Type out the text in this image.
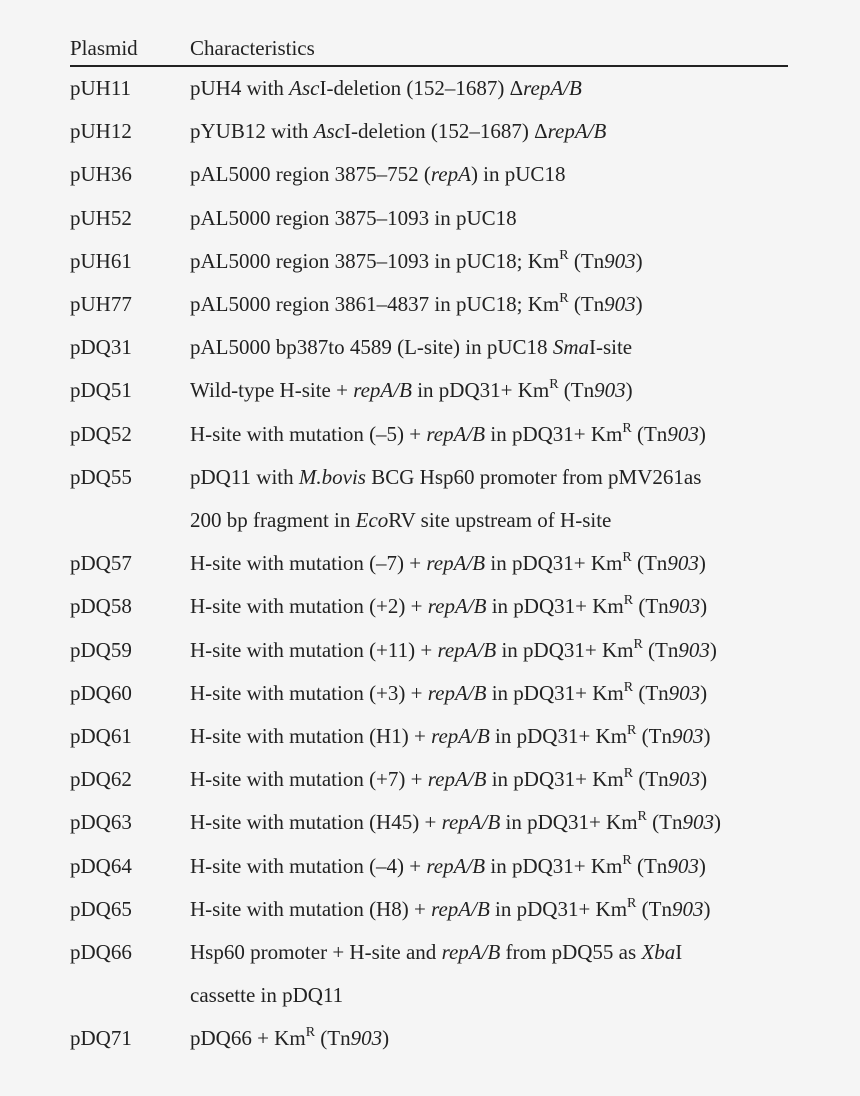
Plasmid	Characteristics
pUH11	pUH4 with AscI-deletion (152–1687) ΔrepA/B
pUH12	pYUB12 with AscI-deletion (152–1687) ΔrepA/B
pUH36	pAL5000 region 3875–752 (repA) in pUC18
pUH52	pAL5000 region 3875–1093 in pUC18
pUH61	pAL5000 region 3875–1093 in pUC18; $Km^R$ (Tn903)
pUH77	pAL5000 region 3861–4837 in pUC18; $Km^R$ (Tn903)
pDQ31	pAL5000 bp387to 4589 (L-site) in pUC18 SmaI-site
pDQ51	Wild-type H-site + repA/B in $pDQ31+ Km^R$ (Tn903)
pDQ52	H-site with mutation (–5) + repA/B in $pDQ31+ Km^R$ (Tn903)
pDQ55	pDQ11 with M.bovis BCG Hsp60 promoter from pMV261as
200 bp fragment in EcoRV site upstream of H-site
pDQ57	H-site with mutation (–7) + repA/B in $pDQ31+ Km^R$ (Tn903)
pDQ58	H-site with mutation (+2) + repA/B in $pDQ31+ Km^R$ (Tn903)
pDQ59	H-site with mutation (+11) + repA/B in $pDQ31+ Km^R$ (Tn903)
pDQ60	H-site with mutation (+3) + repA/B in $pDQ31+ Km^R$ (Tn903)
pDQ61	H-site with mutation (H1) + repA/B in $pDQ31+ Km^R$ (Tn903)
pDQ62	H-site with mutation (+7) + repA/B in $pDQ31+ Km^R$ (Tn903)
pDQ63	H-site with mutation (H45) + repA/B in $pDQ31+ Km^R$ (Tn903)
pDQ64	H-site with mutation (–4) + repA/B in $pDQ31+ Km^R$ (Tn903)
pDQ65	H-site with mutation (H8) + repA/B in $pDQ31+ Km^R$ (Tn903)
pDQ66	Hsp60 promoter + H-site and repA/B from pDQ55 as XbaI
cassette in pDQ11
pDQ71	$pDQ66 + Km^R$ (Tn903)
